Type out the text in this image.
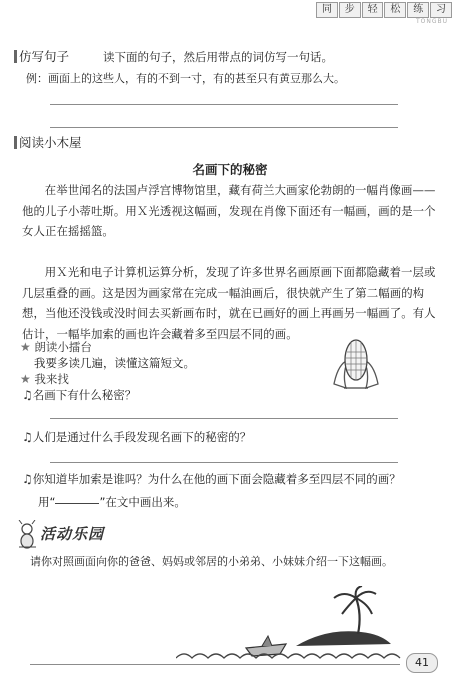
同	步	轻	松	练	习
TONGBU
仿写句子	读下面的句子，然后用带点的词仿写一句话。
例：画面上的这些人，有的不到一寸，有的甚至只有黄豆那么大。
阅读小木屋
名画下的秘密

在举世闻名的法国卢浮宫博物馆里，藏有荷兰大画家伦勃朗的一幅肖像画——他的儿子小蒂吐斯。用Ｘ光透视这幅画，发现在肖像下面还有一幅画，画的是一个女人正在摇摇篮。

用Ｘ光和电子计算机运算分析，发现了许多世界名画原画下面都隐藏着一层或几层重叠的画。这是因为画家常在完成一幅油画后，很快就产生了第二幅画的构想，当他还没钱或没时间去买新画布时，就在已画好的画上再画另一幅画了。有人估计，一幅毕加索的画也许会藏着多至四层不同的画。

★ 朗读小擂台
我要多读几遍，读懂这篇短文。
★ 我来找
♫名画下有什么秘密？
♫人们是通过什么手段发现名画下的秘密的？
♫你知道毕加索是谁吗？为什么在他的画下面会隐藏着多至四层不同的画？
用“	”在文中画出来。
活动乐园
请你对照画面向你的爸爸、妈妈或邻居的小弟弟、小妹妹介绍一下这幅画。
41
